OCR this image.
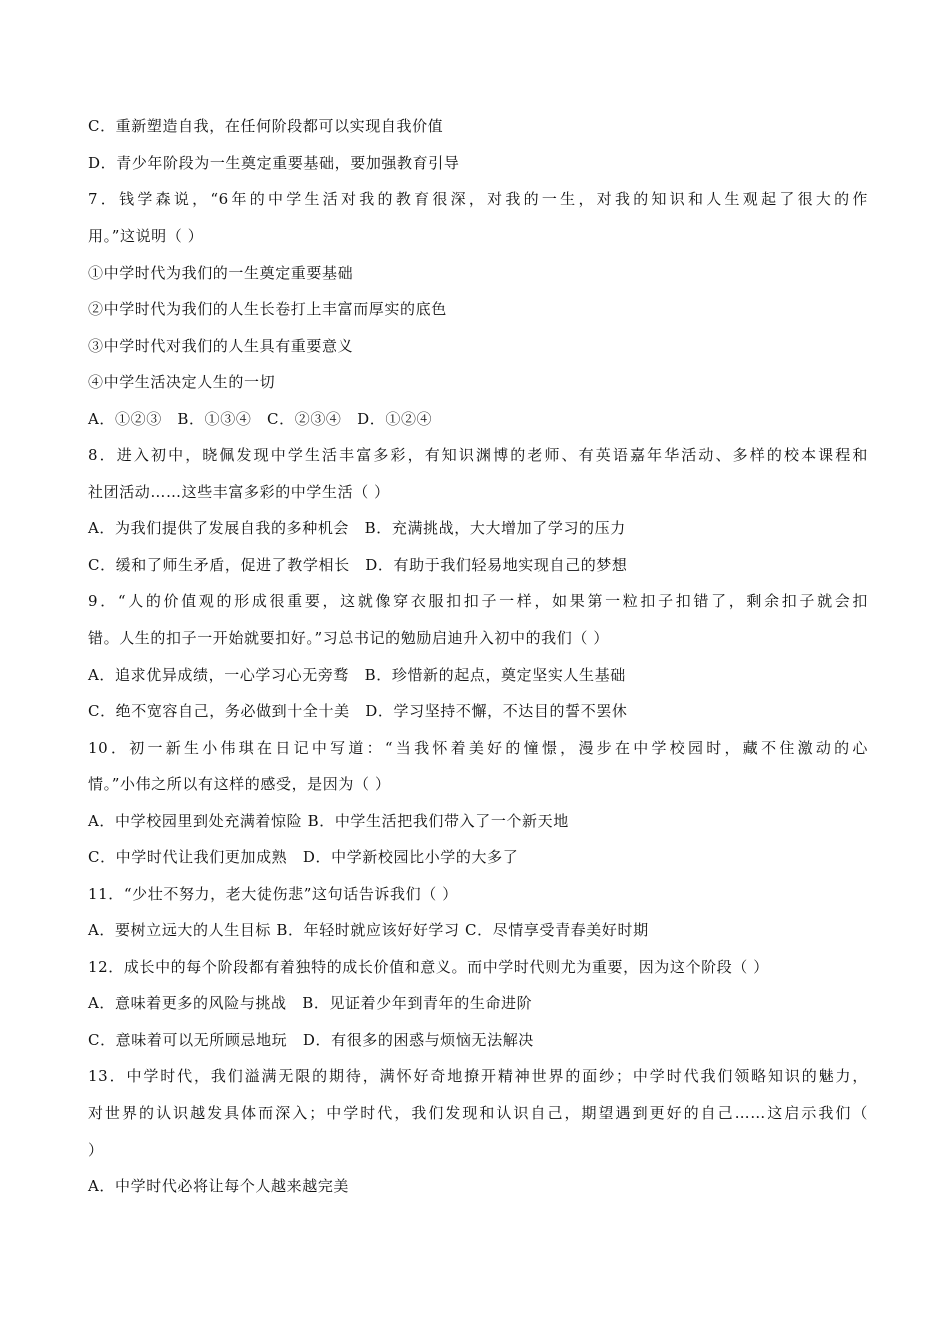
C．重新塑造自我，在任何阶段都可以实现自我价值
D．青少年阶段为一生奠定重要基础，要加强教育引导
7．钱学森说，“6年的中学生活对我的教育很深，对我的一生，对我的知识和人生观起了很大的作
用。”这说明（ ）
①中学时代为我们的一生奠定重要基础
②中学时代为我们的人生长卷打上丰富而厚实的底色
③中学时代对我们的人生具有重要意义
④中学生活决定人生的一切
A．①②③　B．①③④　C．②③④　D．①②④
8．进入初中，晓佩发现中学生活丰富多彩，有知识渊博的老师、有英语嘉年华活动、多样的校本课程和
社团活动……这些丰富多彩的中学生活（ ）
A．为我们提供了发展自我的多种机会　B．充满挑战，大大增加了学习的压力
C．缓和了师生矛盾，促进了教学相长　D．有助于我们轻易地实现自己的梦想
9．“人的价值观的形成很重要，这就像穿衣服扣扣子一样，如果第一粒扣子扣错了，剩余扣子就会扣
错。人生的扣子一开始就要扣好。”习总书记的勉励启迪升入初中的我们（ ）
A．追求优异成绩，一心学习心无旁骛　B．珍惜新的起点，奠定坚实人生基础
C．绝不宽容自己，务必做到十全十美　D．学习坚持不懈，不达目的誓不罢休
10．初一新生小伟琪在日记中写道：“当我怀着美好的憧憬，漫步在中学校园时，藏不住激动的心
情。”小伟之所以有这样的感受，是因为（ ）
A．中学校园里到处充满着惊险 B．中学生活把我们带入了一个新天地
C．中学时代让我们更加成熟　D．中学新校园比小学的大多了
11．“少壮不努力，老大徒伤悲”这句话告诉我们（ ）
A．要树立远大的人生目标 B．年轻时就应该好好学习 C．尽情享受青春美好时期
12．成长中的每个阶段都有着独特的成长价值和意义。而中学时代则尤为重要，因为这个阶段（ ）
A．意味着更多的风险与挑战　B．见证着少年到青年的生命进阶
C．意味着可以无所顾忌地玩　D．有很多的困惑与烦恼无法解决
13．中学时代，我们溢满无限的期待，满怀好奇地撩开精神世界的面纱；中学时代我们领略知识的魅力，
对世界的认识越发具体而深入；中学时代，我们发现和认识自己，期望遇到更好的自己……这启示我们（
）
A．中学时代必将让每个人越来越完美
